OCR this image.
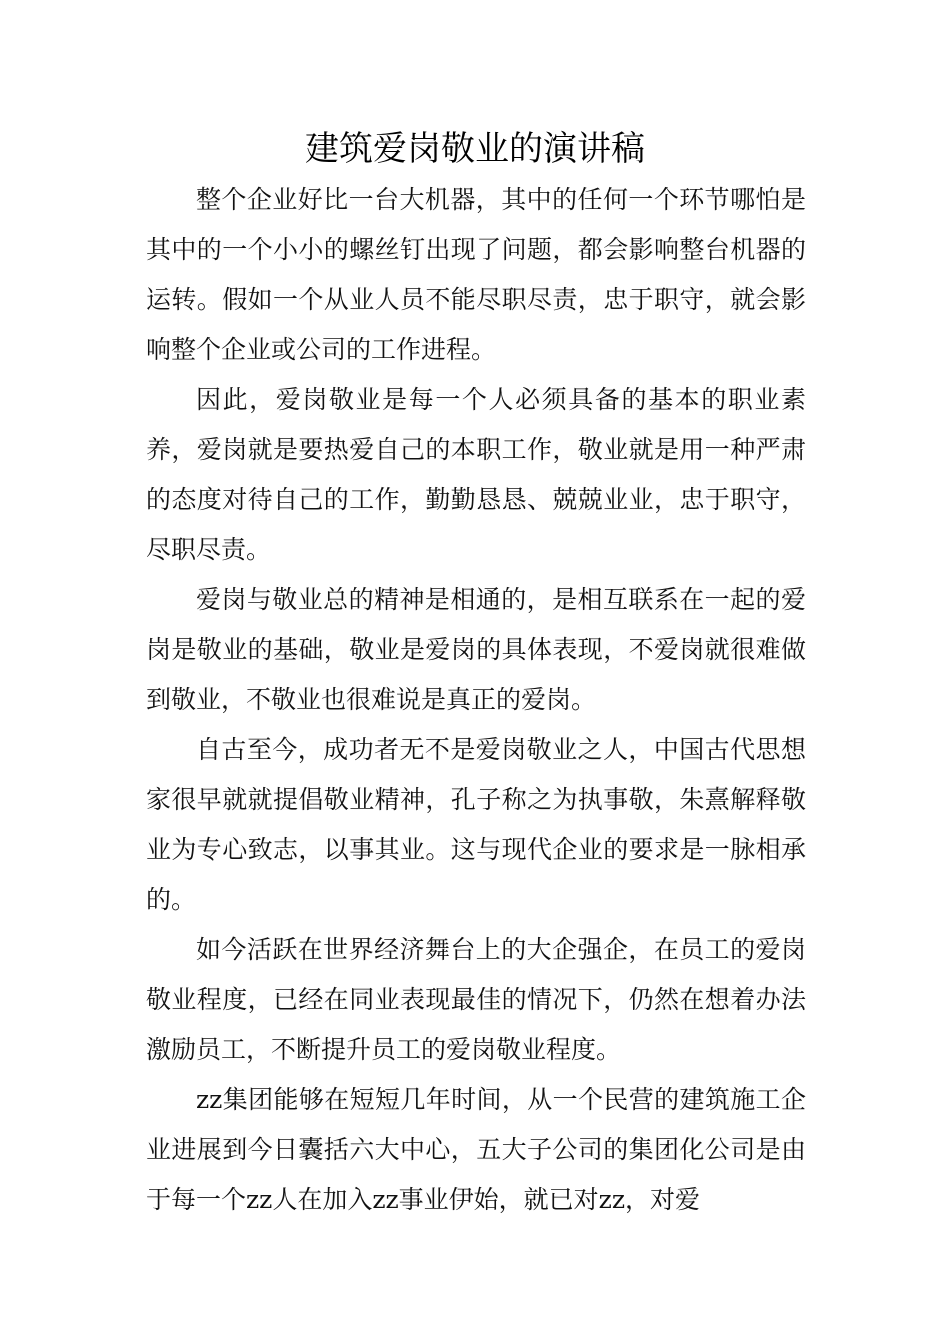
建筑爱岗敬业的演讲稿

整个企业好比一台大机器，其中的任何一个环节哪怕是其中的一个小小的螺丝钉出现了问题，都会影响整台机器的运转。假如一个从业人员不能尽职尽责，忠于职守，就会影响整个企业或公司的工作进程。

因此，爱岗敬业是每一个人必须具备的基本的职业素养，爱岗就是要热爱自己的本职工作，敬业就是用一种严肃的态度对待自己的工作，勤勤恳恳、兢兢业业，忠于职守，尽职尽责。

爱岗与敬业总的精神是相通的，是相互联系在一起的爱岗是敬业的基础，敬业是爱岗的具体表现，不爱岗就很难做到敬业，不敬业也很难说是真正的爱岗。

自古至今，成功者无不是爱岗敬业之人，中国古代思想家很早就就提倡敬业精神，孔子称之为执事敬，朱熹解释敬业为专心致志，以事其业。这与现代企业的要求是一脉相承的。

如今活跃在世界经济舞台上的大企强企，在员工的爱岗敬业程度，已经在同业表现最佳的情况下，仍然在想着办法激励员工，不断提升员工的爱岗敬业程度。

zz集团能够在短短几年时间，从一个民营的建筑施工企业进展到今日囊括六大中心，五大子公司的集团化公司是由于每一个zz人在加入zz事业伊始，就已对zz，对爱
